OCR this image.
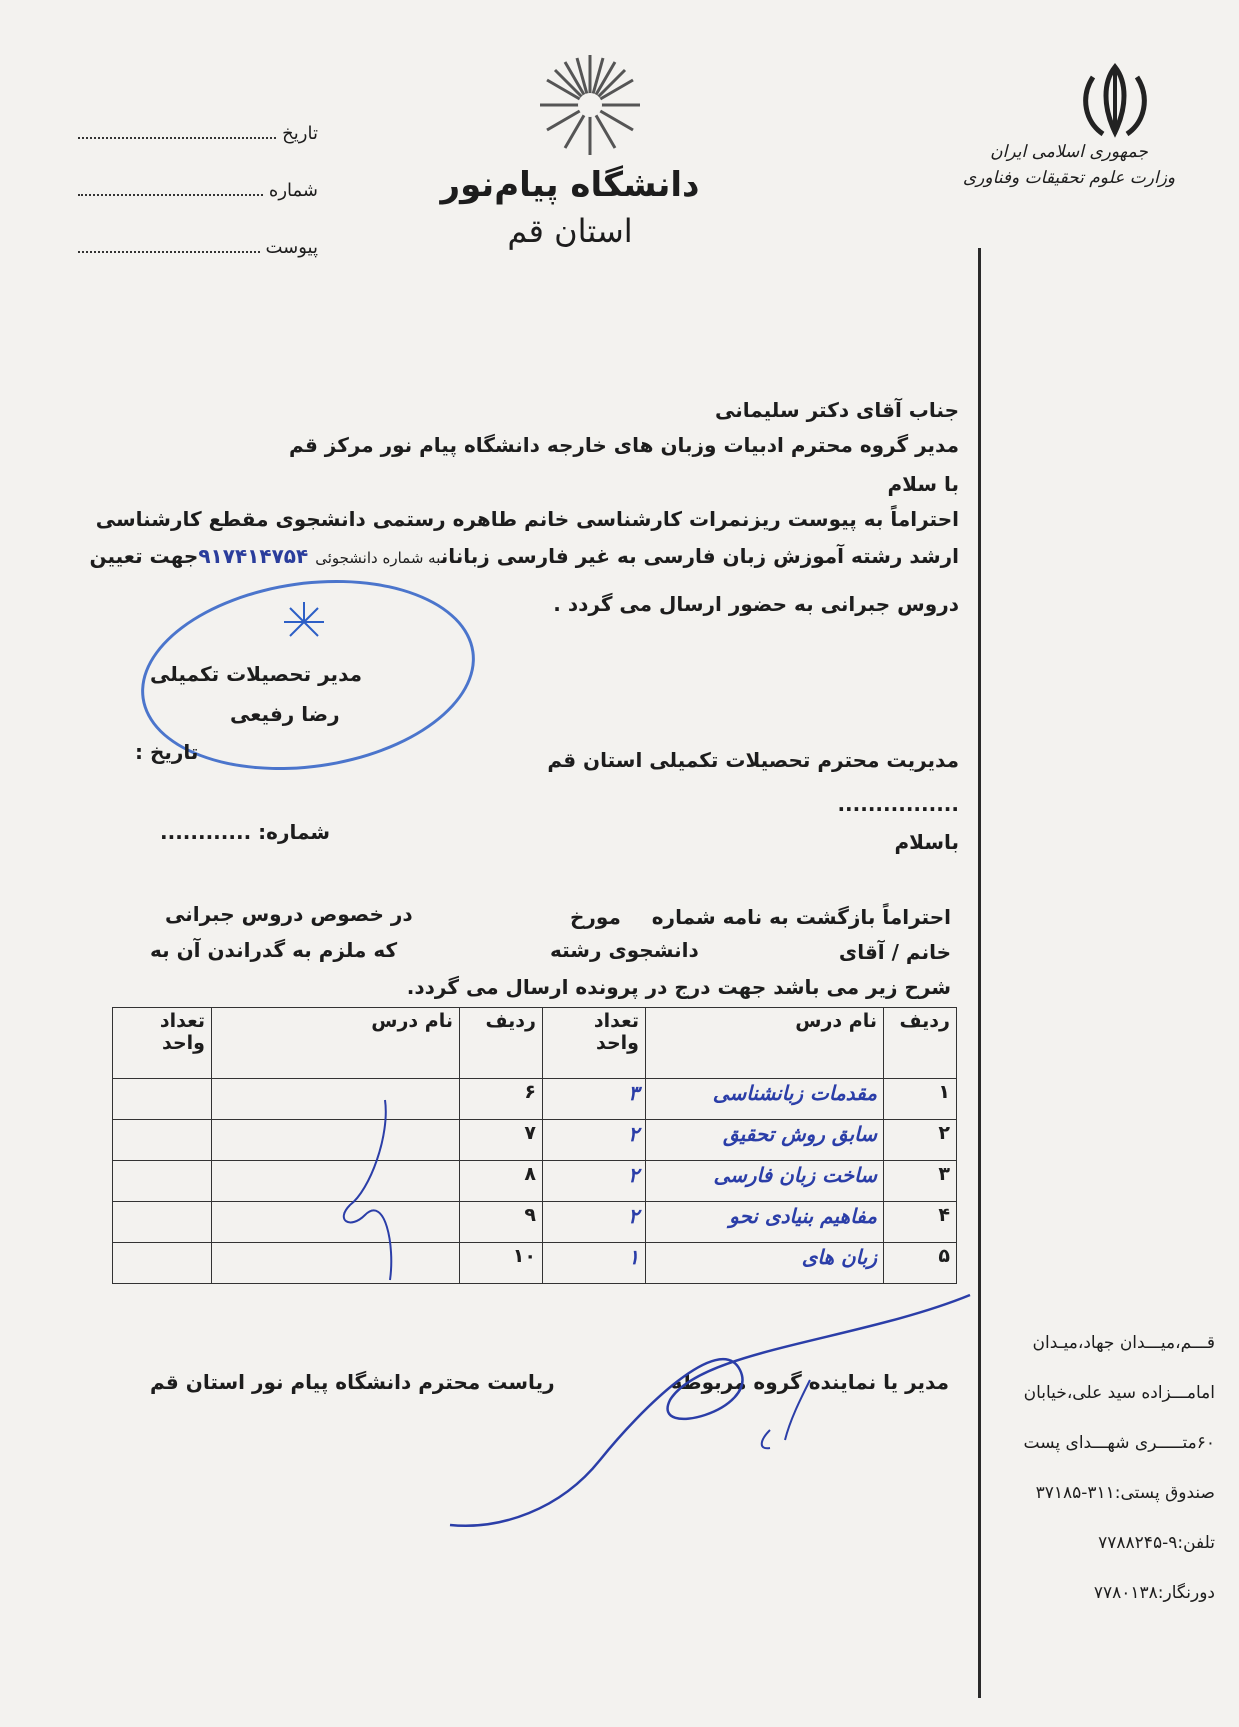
تاریخ
شماره
پیوست
دانشگاه پیام‌نور
استان قم
جمهوری اسلامی ایران
وزارت علوم تحقیقات وفناوری
جناب آقای دکتر سلیمانی
مدیر گروه محترم ادبیات وزبان های خارجه دانشگاه پیام نور مرکز قم
با سلام
احتراماً به پیوست ریزنمرات کارشناسی خانم طاهره رستمی دانشجوی مقطع کارشناسی
ارشد رشته آموزش زبان فارسی به غیر فارسی زبانانبه شماره دانشجوئی ۹۱۷۴۱۴۷۵۴جهت تعیین
دروس جبرانی به حضور ارسال می گردد .
مدیر تحصیلات تکمیلی
رضا رفیعی
تاریخ :	مدیریت محترم تحصیلات تکمیلی استان قم
................
باسلام
شماره: ............
احتراماً بازگشت به نامه شماره
مورخ
در خصوص دروس جبرانی
خانم / آقای
دانشجوی رشته
که ملزم به گدراندن آن به
شرح زیر می باشد جهت درج در پرونده ارسال می گردد.
ردیف	نام درس	تعداد واحد	ردیف	نام درس	تعداد واحد
۱	مقدمات زبانشناسی	۳	۶		
۲	سابق روش تحقیق	۲	۷		
۳	ساخت زبان فارسی	۲	۸		
۴	مفاهیم بنیادی نحو	۲	۹		
۵	زبان های	۱	۱۰		
مدیر یا نماینده گروه مربوطه
ریاست محترم دانشگاه پیام نور استان قم
قـــم،میـــدان جهاد،میـدان
امامـــزاده سید علی،خیابان
۶۰متـــــری شهـــدای پست
صندوق پستی:۳۱۱-۳۷۱۸۵
تلفن:۹-۷۷۸۸۲۴۵
دورنگار:۷۷۸۰۱۳۸
